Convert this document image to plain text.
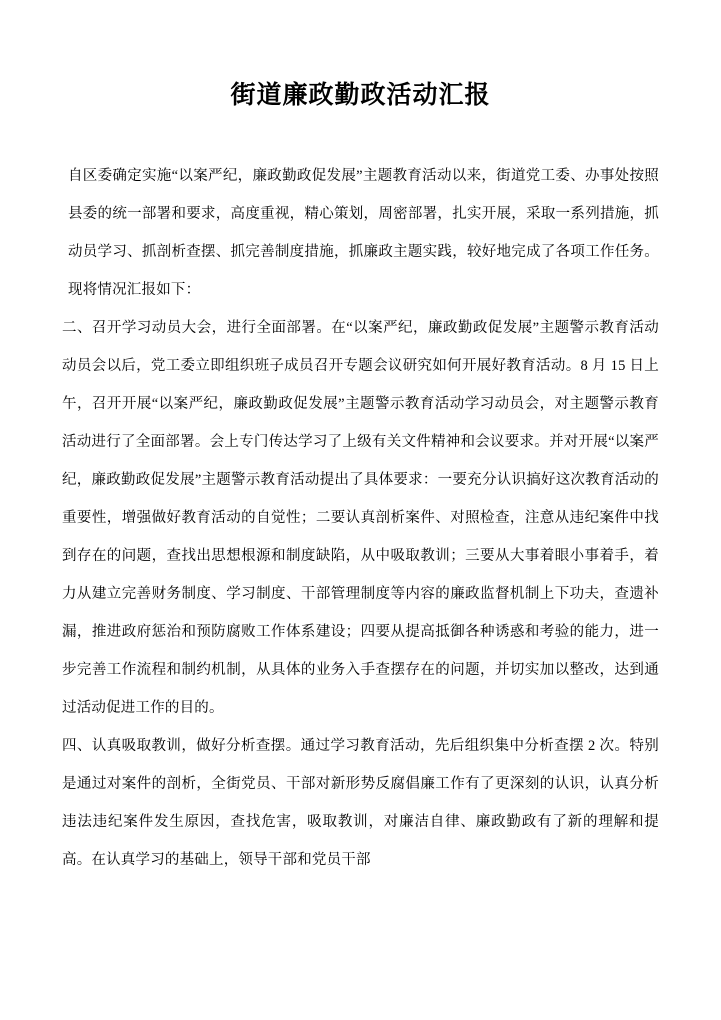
街道廉政勤政活动汇报

自区委确定实施“以案严纪，廉政勤政促发展”主题教育活动以来，街道党工委、办事处按照县委的统一部署和要求，高度重视，精心策划，周密部署，扎实开展，采取一系列措施，抓动员学习、抓剖析查摆、抓完善制度措施，抓廉政主题实践，较好地完成了各项工作任务。现将情况汇报如下：

二、召开学习动员大会，进行全面部署。在“以案严纪，廉政勤政促发展”主题警示教育活动动员会以后，党工委立即组织班子成员召开专题会议研究如何开展好教育活动。8 月 15 日上午，召开开展“以案严纪，廉政勤政促发展”主题警示教育活动学习动员会，对主题警示教育活动进行了全面部署。会上专门传达学习了上级有关文件精神和会议要求。并对开展“以案严纪，廉政勤政促发展”主题警示教育活动提出了具体要求：一要充分认识搞好这次教育活动的重要性，增强做好教育活动的自觉性；二要认真剖析案件、对照检查，注意从违纪案件中找到存在的问题，查找出思想根源和制度缺陷，从中吸取教训；三要从大事着眼小事着手，着力从建立完善财务制度、学习制度、干部管理制度等内容的廉政监督机制上下功夫，查遗补漏，推进政府惩治和预防腐败工作体系建设；四要从提高抵御各种诱惑和考验的能力，进一步完善工作流程和制约机制，从具体的业务入手查摆存在的问题，并切实加以整改，达到通过活动促进工作的目的。

四、认真吸取教训，做好分析查摆。通过学习教育活动，先后组织集中分析查摆 2 次。特别是通过对案件的剖析，全街党员、干部对新形势反腐倡廉工作有了更深刻的认识，认真分析违法违纪案件发生原因，查找危害，吸取教训，对廉洁自律、廉政勤政有了新的理解和提高。在认真学习的基础上，领导干部和党员干部
